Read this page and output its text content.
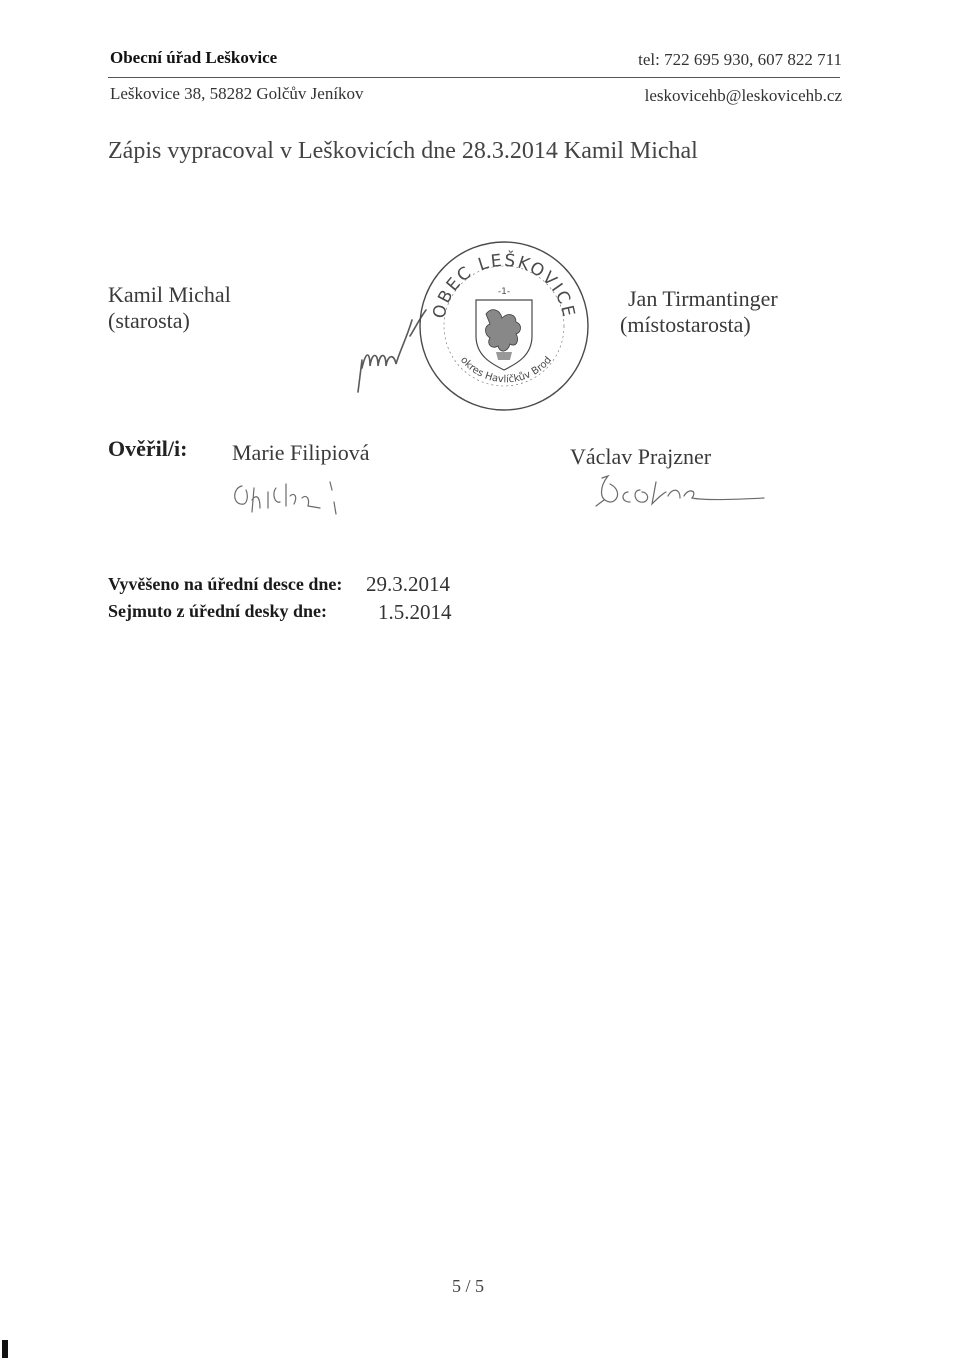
Obecní úřad Leškovice	tel: 722 695 930, 607 822 711
Leškovice 38, 58282 Golčův Jeníkov	leskovicehb@leskovicehb.cz
Zápis vypracoval v Leškovicích dne 28.3.2014 Kamil Michal
Kamil Michal
(starosta)
Jan Tirmantinger
(místostarosta)
OBEC LEŠKOVICE
-1-
okres Havlíčkův Brod
Ověřil/i: Marie Filipiová	Václav Prajzner
Vyvěšeno na úřední desce dne: 29.3.2014
Sejmuto z úřední desky dne: 1.5.2014
5 / 5
